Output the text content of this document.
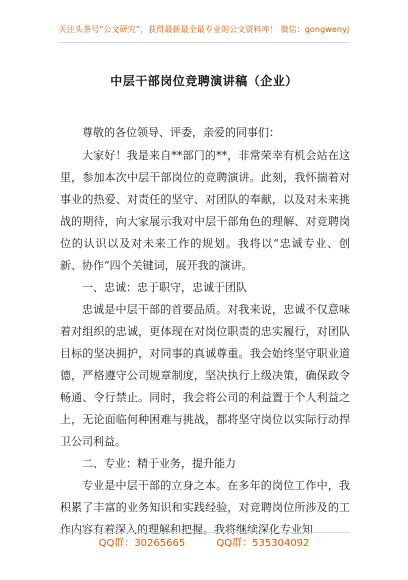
关注头条号“公文研究”，获得最新最全最专业的公文资料库！ 微信：gongwenyj
中层干部岗位竞聘演讲稿（企业）

尊敬的各位领导、评委，亲爱的同事们：

大家好！我是来自**部门的**，非常荣幸有机会站在这里，参加本次中层干部岗位的竞聘演讲。此刻，我怀揣着对事业的热爱、对责任的坚守、对团队的奉献，以及对未来挑战的期待，向大家展示我对中层干部角色的理解、对竞聘岗位的认识以及对未来工作的规划。我将以“忠诚专业、创新、协作”四个关键词，展开我的演讲。

一、忠诚：忠于职守，忠诚于团队

忠诚是中层干部的首要品质。对我来说，忠诚不仅意味着对组织的忠诚，更体现在对岗位职责的忠实履行，对团队目标的坚决拥护，对同事的真诚尊重。我会始终坚守职业道德，严格遵守公司规章制度，坚决执行上级决策，确保政令畅通、令行禁止。同时，我会将公司的利益置于个人利益之上，无论面临何种困难与挑战，都将坚守岗位以实际行动捍卫公司利益。

二、专业：精于业务，提升能力

专业是中层干部的立身之本。在多年的岗位工作中，我积累了丰富的业务知识和实践经验，对竞聘岗位所涉及的工作内容有着深入的理解和把握。我将继续深化专业知

QQ群：30265665	QQ群：535304092
